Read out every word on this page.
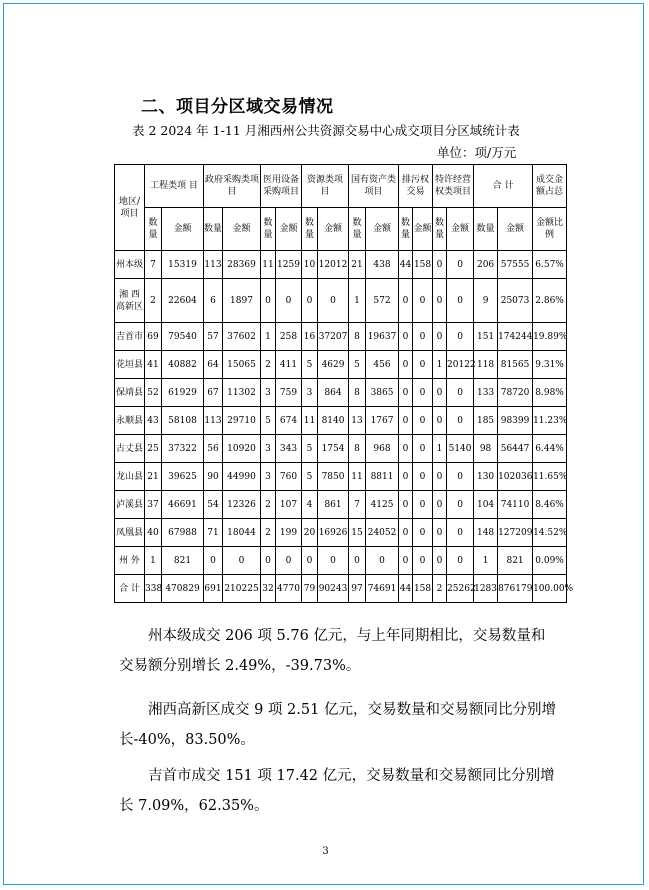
二、项目分区域交易情况
表 2 2024 年 1-11 月湘西州公共资源交易中心成交项目分区域统计表
单位：项/万元
地区/项目	工程类项 目		政府采购类项 目		医用设备采购项目		资源类项 目		国有资产类项目		排污权交易		特许经营权类项目		合 计		成交金额占总
	数量	金额	数量	金额	数量	金额	数量	金额	数量	金额	数量	金额	数量	金额	数量	金额	金额比例
州本级	7	15319	113	28369	11	1259	10	12012	21	438	44	158	0	0	206	57555	6.57%
湘 西 高新区	2	22604	6	1897	0	0	0	0	1	572	0	0	0	0	9	25073	2.86%
吉首市	69	79540	57	37602	1	258	16	37207	8	19637	0	0	0	0	151	174244	19.89%
花垣县	41	40882	64	15065	2	411	5	4629	5	456	0	0	1	20122	118	81565	9.31%
保靖县	52	61929	67	11302	3	759	3	864	8	3865	0	0	0	0	133	78720	8.98%
永顺县	43	58108	113	29710	5	674	11	8140	13	1767	0	0	0	0	185	98399	11.23%
古丈县	25	37322	56	10920	3	343	5	1754	8	968	0	0	1	5140	98	56447	6.44%
龙山县	21	39625	90	44990	3	760	5	7850	11	8811	0	0	0	0	130	102036	11.65%
泸溪县	37	46691	54	12326	2	107	4	861	7	4125	0	0	0	0	104	74110	8.46%
凤凰县	40	67988	71	18044	2	199	20	16926	15	24052	0	0	0	0	148	127209	14.52%
州 外	1	821	0	0	0	0	0	0	0	0	0	0	0	0	1	821	0.09%
合 计	338	470829	691	210225	32	4770	79	90243	97	74691	44	158	2	25262	1283	876179	100.00%
州本级成交 206 项 5.76 亿元，与上年同期相比，交易数量和交易额分别增长 2.49%，-39.73%。
湘西高新区成交 9 项 2.51 亿元，交易数量和交易额同比分别增长-40%，83.50%。
吉首市成交 151 项 17.42 亿元，交易数量和交易额同比分别增长 7.09%，62.35%。
3
